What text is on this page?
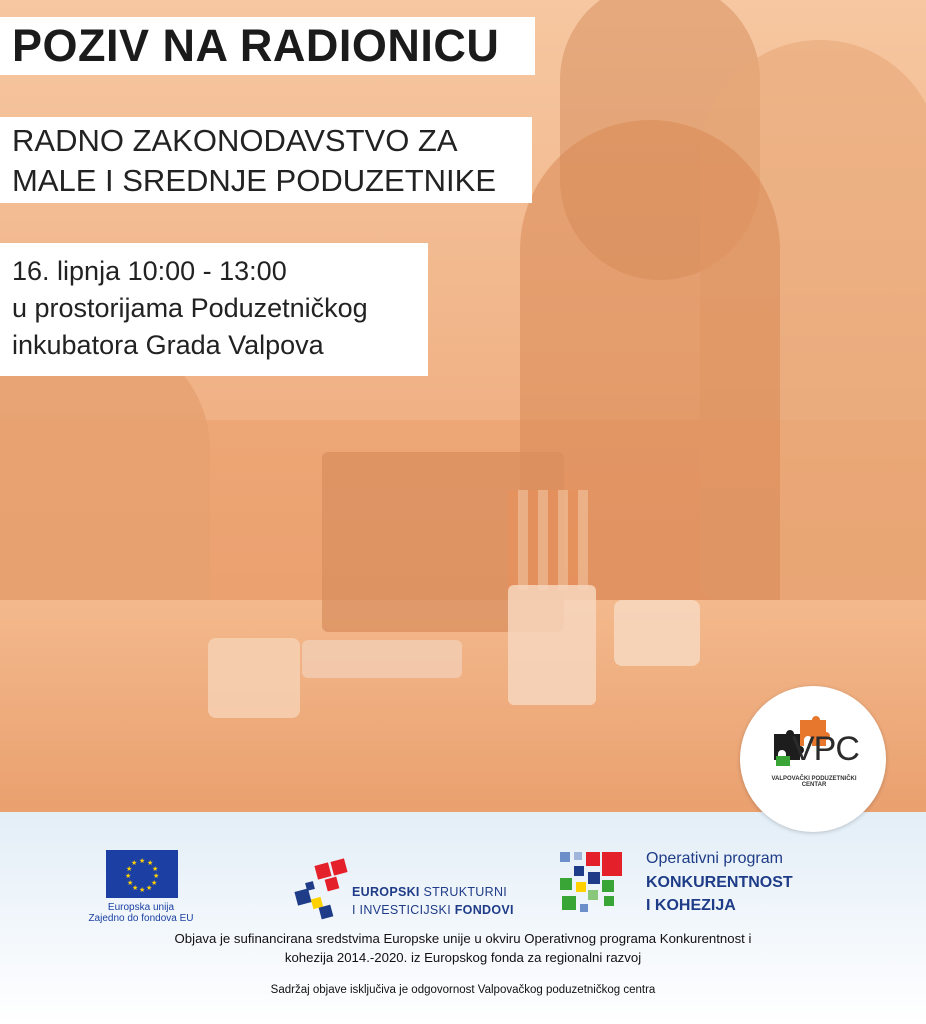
POZIV NA RADIONICU
RADNO ZAKONODAVSTVO ZA
MALE I SREDNJE PODUZETNIKE
16. lipnja 10:00 - 13:00
u prostorijama Poduzetničkog
inkubatora Grada Valpova
VPC
VALPOVAČKI PODUZETNIČKI CENTAR
★ ★
★
★
★
★
★
★
★
★
★
★
Europska unija
Zajedno do fondova EU
EUROPSKI STRUKTURNI
I INVESTICIJSKI FONDOVI
Operativni program
KONKURENTNOST
I KOHEZIJA
Objava je sufinancirana sredstvima Europske unije u okviru Operativnog programa Konkurentnost i
kohezija 2014.-2020. iz Europskog fonda za regionalni razvoj
Sadržaj objave isključiva je odgovornost Valpovačkog poduzetničkog centra
